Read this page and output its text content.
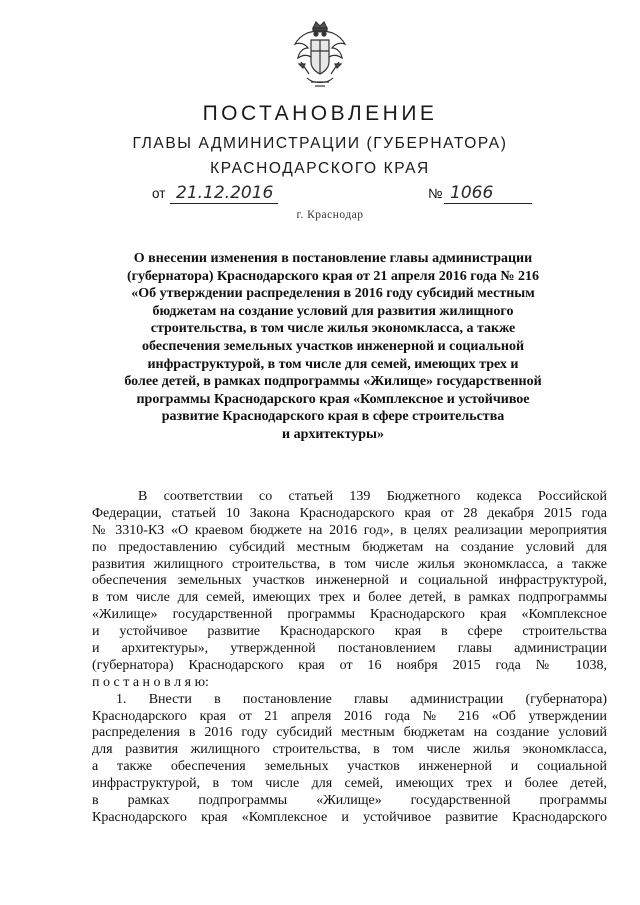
ПОСТАНОВЛЕНИЕ
ГЛАВЫ АДМИНИСТРАЦИИ (ГУБЕРНАТОРА)
КРАСНОДАРСКОГО КРАЯ
от 21.12.2016	№ 1066
г. Краснодар
О внесении изменения в постановление главы администрации
(губернатора) Краснодарского края от 21 апреля 2016 года № 216
«Об утверждении распределения в 2016 году субсидий местным
бюджетам на создание условий для развития жилищного
строительства, в том числе жилья экономкласса, а также
обеспечения земельных участков инженерной и социальной
инфраструктурой, в том числе для семей, имеющих трех и
более детей, в рамках подпрограммы «Жилище» государственной
программы Краснодарского края «Комплексное и устойчивое
развитие Краснодарского края в сфере строительства
и архитектуры»
В соответствии со статьей 139 Бюджетного кодекса Российской
Федерации, статьей 10 Закона Краснодарского края от 28 декабря 2015 года
№ 3310-КЗ «О краевом бюджете на 2016 год», в целях реализации мероприятия
по предоставлению субсидий местным бюджетам на создание условий для
развития жилищного строительства, в том числе жилья экономкласса, а также
обеспечения земельных участков инженерной и социальной инфраструктурой,
в том числе для семей, имеющих трех и более детей, в рамках подпрограммы
«Жилище» государственной программы Краснодарского края «Комплексное
и устойчивое развитие Краснодарского края в сфере строительства
и архитектуры», утвержденной постановлением главы администрации
(губернатора) Краснодарского края от 16 ноября 2015 года № 1038,
п о с т а н о в л я ю:
1. Внести в постановление главы администрации (губернатора)
Краснодарского края от 21 апреля 2016 года № 216 «Об утверждении
распределения в 2016 году субсидий местным бюджетам на создание условий
для развития жилищного строительства, в том числе жилья экономкласса,
а также обеспечения земельных участков инженерной и социальной
инфраструктурой, в том числе для семей, имеющих трех и более детей,
в рамках подпрограммы «Жилище» государственной программы
Краснодарского края «Комплексное и устойчивое развитие Краснодарского
